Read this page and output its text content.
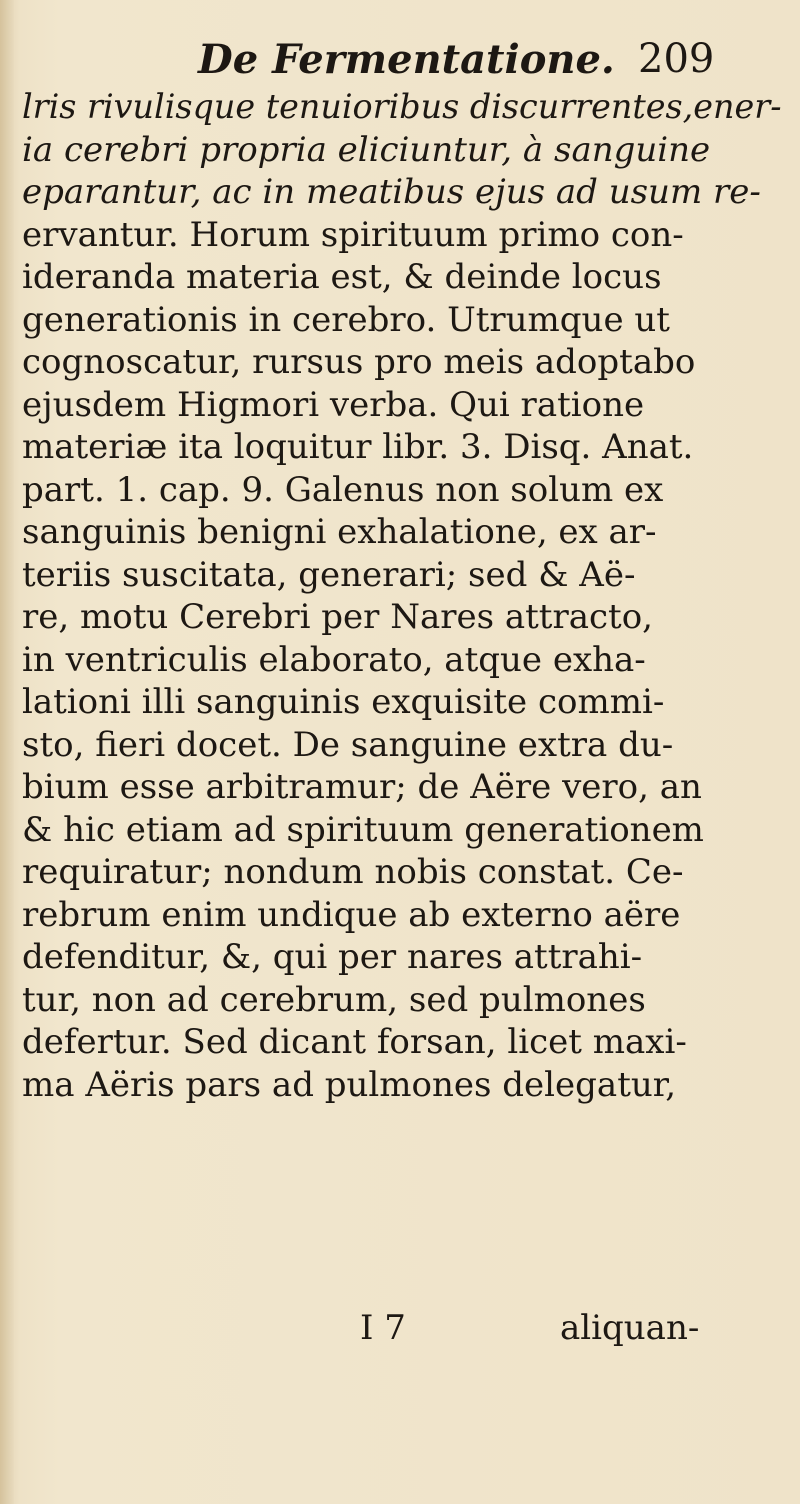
De Fermentatione. 209
lris rivulisque tenuioribus discurrentes,ener-
ia cerebri propria eliciuntur, à sanguine
eparantur, ac in meatibus ejus ad usum re-
ervantur. Horum spirituum primo con-
ideranda materia est, & deinde locus
generationis in cerebro. Utrumque ut
cognoscatur, rursus pro meis adoptabo
ejusdem Higmori verba. Qui ratione
materiæ ita loquitur libr. 3. Disq. Anat.
part. 1. cap. 9. Galenus non solum ex
sanguinis benigni exhalatione, ex ar-
teriis suscitata, generari; sed & Aë-
re, motu Cerebri per Nares attracto,
in ventriculis elaborato, atque exha-
lationi illi sanguinis exquisite commi-
sto, fieri docet. De sanguine extra du-
bium esse arbitramur; de Aëre vero, an
& hic etiam ad spirituum generationem
requiratur; nondum nobis constat. Ce-
rebrum enim undique ab externo aëre
defenditur, &, qui per nares attrahi-
tur, non ad cerebrum, sed pulmones
defertur. Sed dicant forsan, licet maxi-
ma Aëris pars ad pulmones delegatur,
I 7	aliquan-
